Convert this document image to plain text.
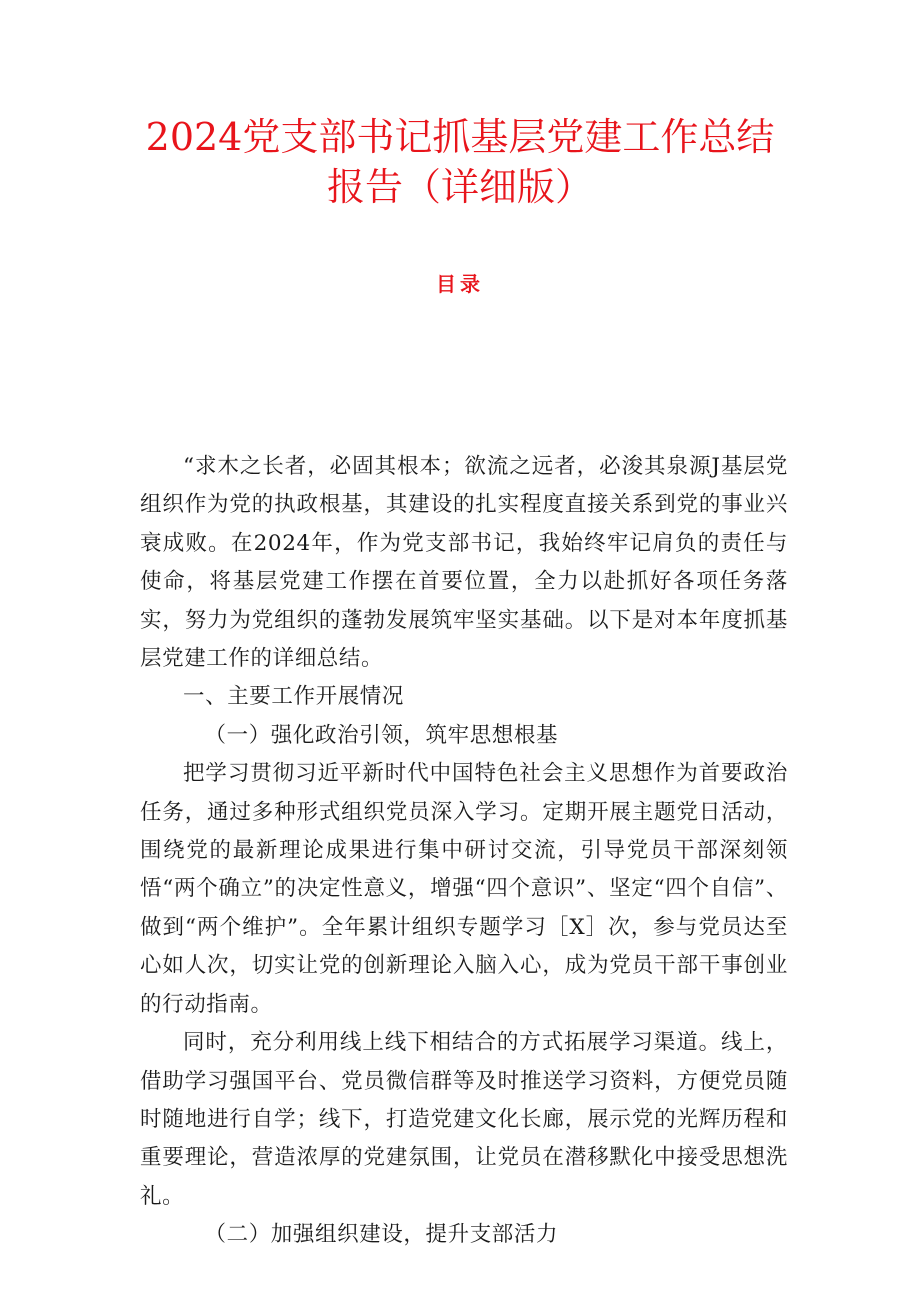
2024党支部书记抓基层党建工作总结报告（详细版）
目录

“求木之长者，必固其根本；欲流之远者，必浚其泉源J基层党组织作为党的执政根基，其建设的扎实程度直接关系到党的事业兴衰成败。在2024年，作为党支部书记，我始终牢记肩负的责任与使命，将基层党建工作摆在首要位置，全力以赴抓好各项任务落实，努力为党组织的蓬勃发展筑牢坚实基础。以下是对本年度抓基层党建工作的详细总结。

一、主要工作开展情况

（一）强化政治引领，筑牢思想根基

把学习贯彻习近平新时代中国特色社会主义思想作为首要政治任务，通过多种形式组织党员深入学习。定期开展主题党日活动，围绕党的最新理论成果进行集中研讨交流，引导党员干部深刻领悟“两个确立”的决定性意义，增强“四个意识”、坚定“四个自信”、做到“两个维护”。全年累计组织专题学习［X］次，参与党员达至心如人次，切实让党的创新理论入脑入心，成为党员干部干事创业的行动指南。

同时，充分利用线上线下相结合的方式拓展学习渠道。线上，借助学习强国平台、党员微信群等及时推送学习资料，方便党员随时随地进行自学；线下，打造党建文化长廊，展示党的光辉历程和重要理论，营造浓厚的党建氛围，让党员在潜移默化中接受思想洗礼。

（二）加强组织建设，提升支部活力
